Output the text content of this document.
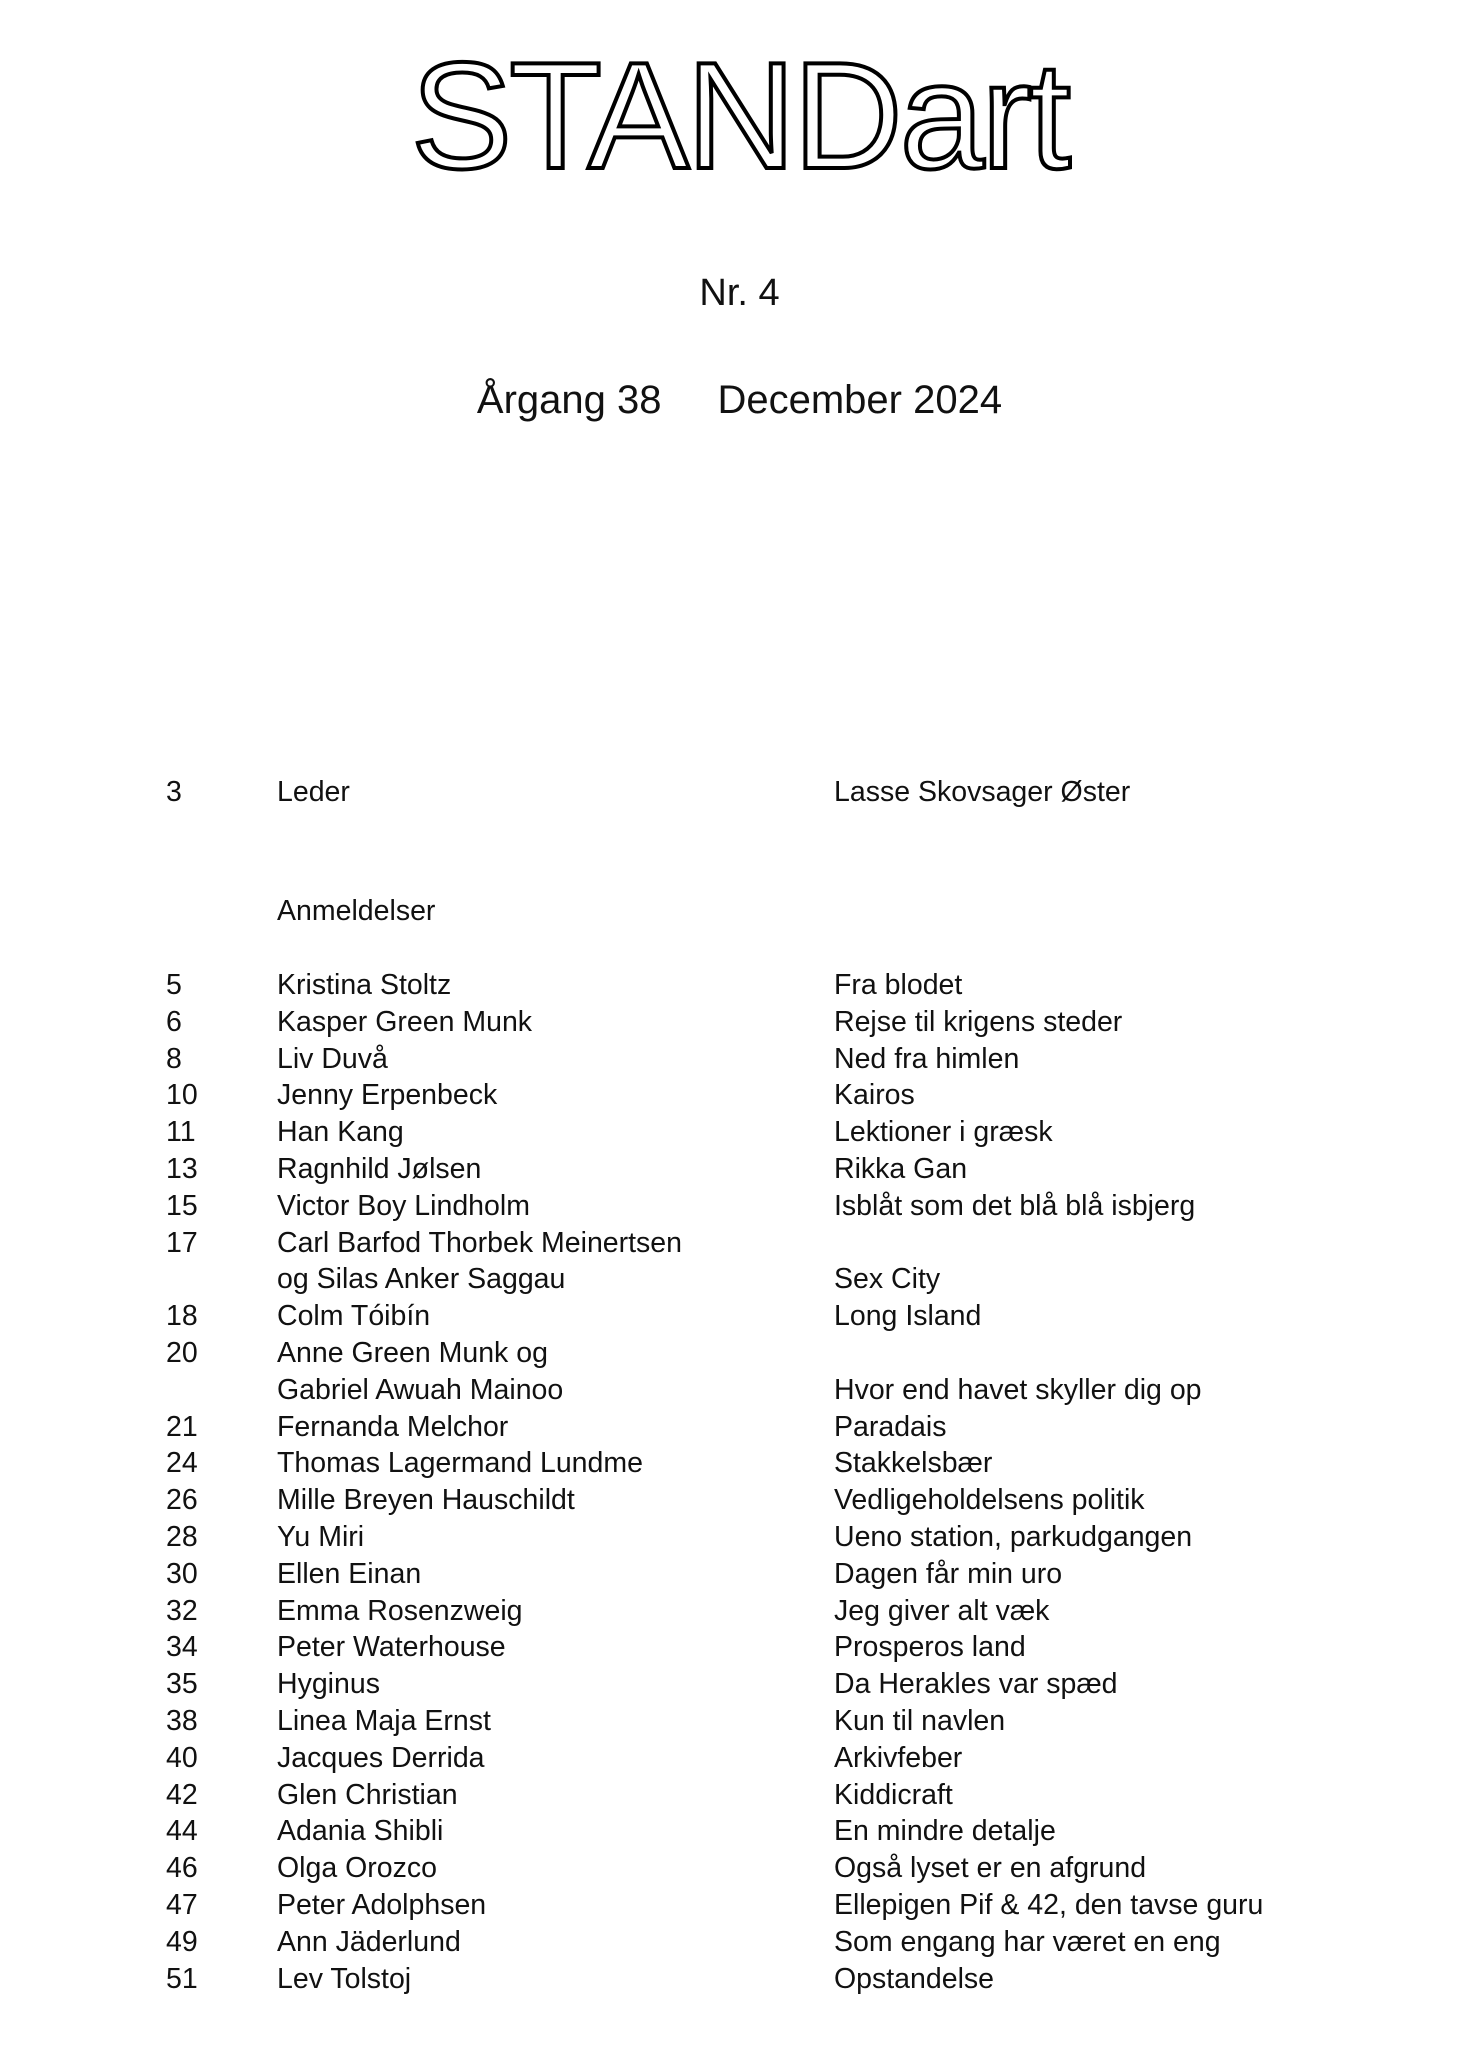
STANDart
Nr. 4
Årgang 38 December 2024
3	Leder	Lasse Skovsager Øster
Anmeldelser
5	Kristina Stoltz	Fra blodet
6	Kasper Green Munk	Rejse til krigens steder
8	Liv Duvå	Ned fra himlen
10	Jenny Erpenbeck	Kairos
11	Han Kang	Lektioner i græsk
13	Ragnhild Jølsen	Rikka Gan
15	Victor Boy Lindholm	Isblåt som det blå blå isbjerg
17	Carl Barfod Thorbek Meinertsen
og Silas Anker Saggau	Sex City
18	Colm Tóibín	Long Island
20	Anne Green Munk og
Gabriel Awuah Mainoo	Hvor end havet skyller dig op
21	Fernanda Melchor	Paradais
24	Thomas Lagermand Lundme	Stakkelsbær
26	Mille Breyen Hauschildt	Vedligeholdelsens politik
28	Yu Miri	Ueno station, parkudgangen
30	Ellen Einan	Dagen får min uro
32	Emma Rosenzweig	Jeg giver alt væk
34	Peter Waterhouse	Prosperos land
35	Hyginus	Da Herakles var spæd
38	Linea Maja Ernst	Kun til navlen
40	Jacques Derrida	Arkivfeber
42	Glen Christian	Kiddicraft
44	Adania Shibli	En mindre detalje
46	Olga Orozco	Også lyset er en afgrund
47	Peter Adolphsen	Ellepigen Pif & 42, den tavse guru
49	Ann Jäderlund	Som engang har været en eng
51	Lev Tolstoj	Opstandelse
